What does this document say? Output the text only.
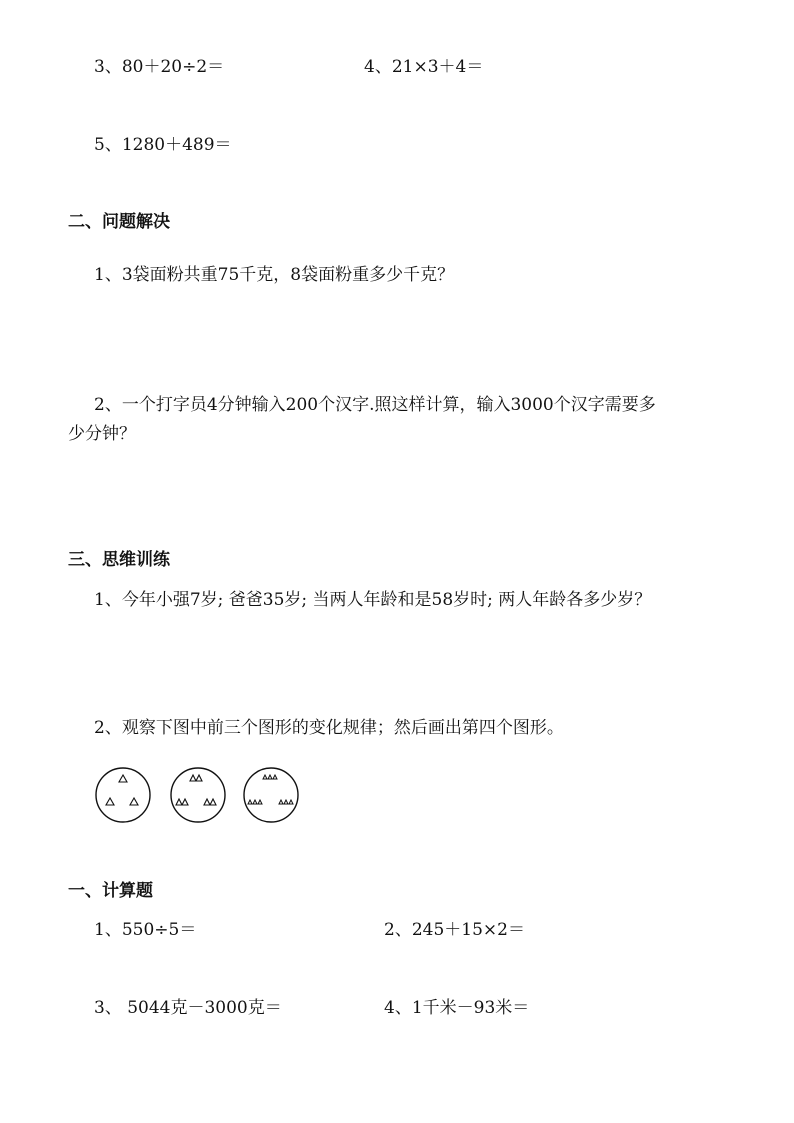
3、80＋20÷2＝	4、21×3＋4＝
5、1280＋489＝
二、问题解决
1、3袋面粉共重75千克，8袋面粉重多少千克？
2、一个打字员4分钟输入200个汉字.照这样计算，输入3000个汉字需要多
少分钟？
三、思维训练
1、今年小强7岁; 爸爸35岁; 当两人年龄和是58岁时; 两人年龄各多少岁？
2、观察下图中前三个图形的变化规律；然后画出第四个图形。
一、计算题
1、550÷5＝	2、245＋15×2＝
3、 5044克－3000克＝	4、1千米－93米＝
